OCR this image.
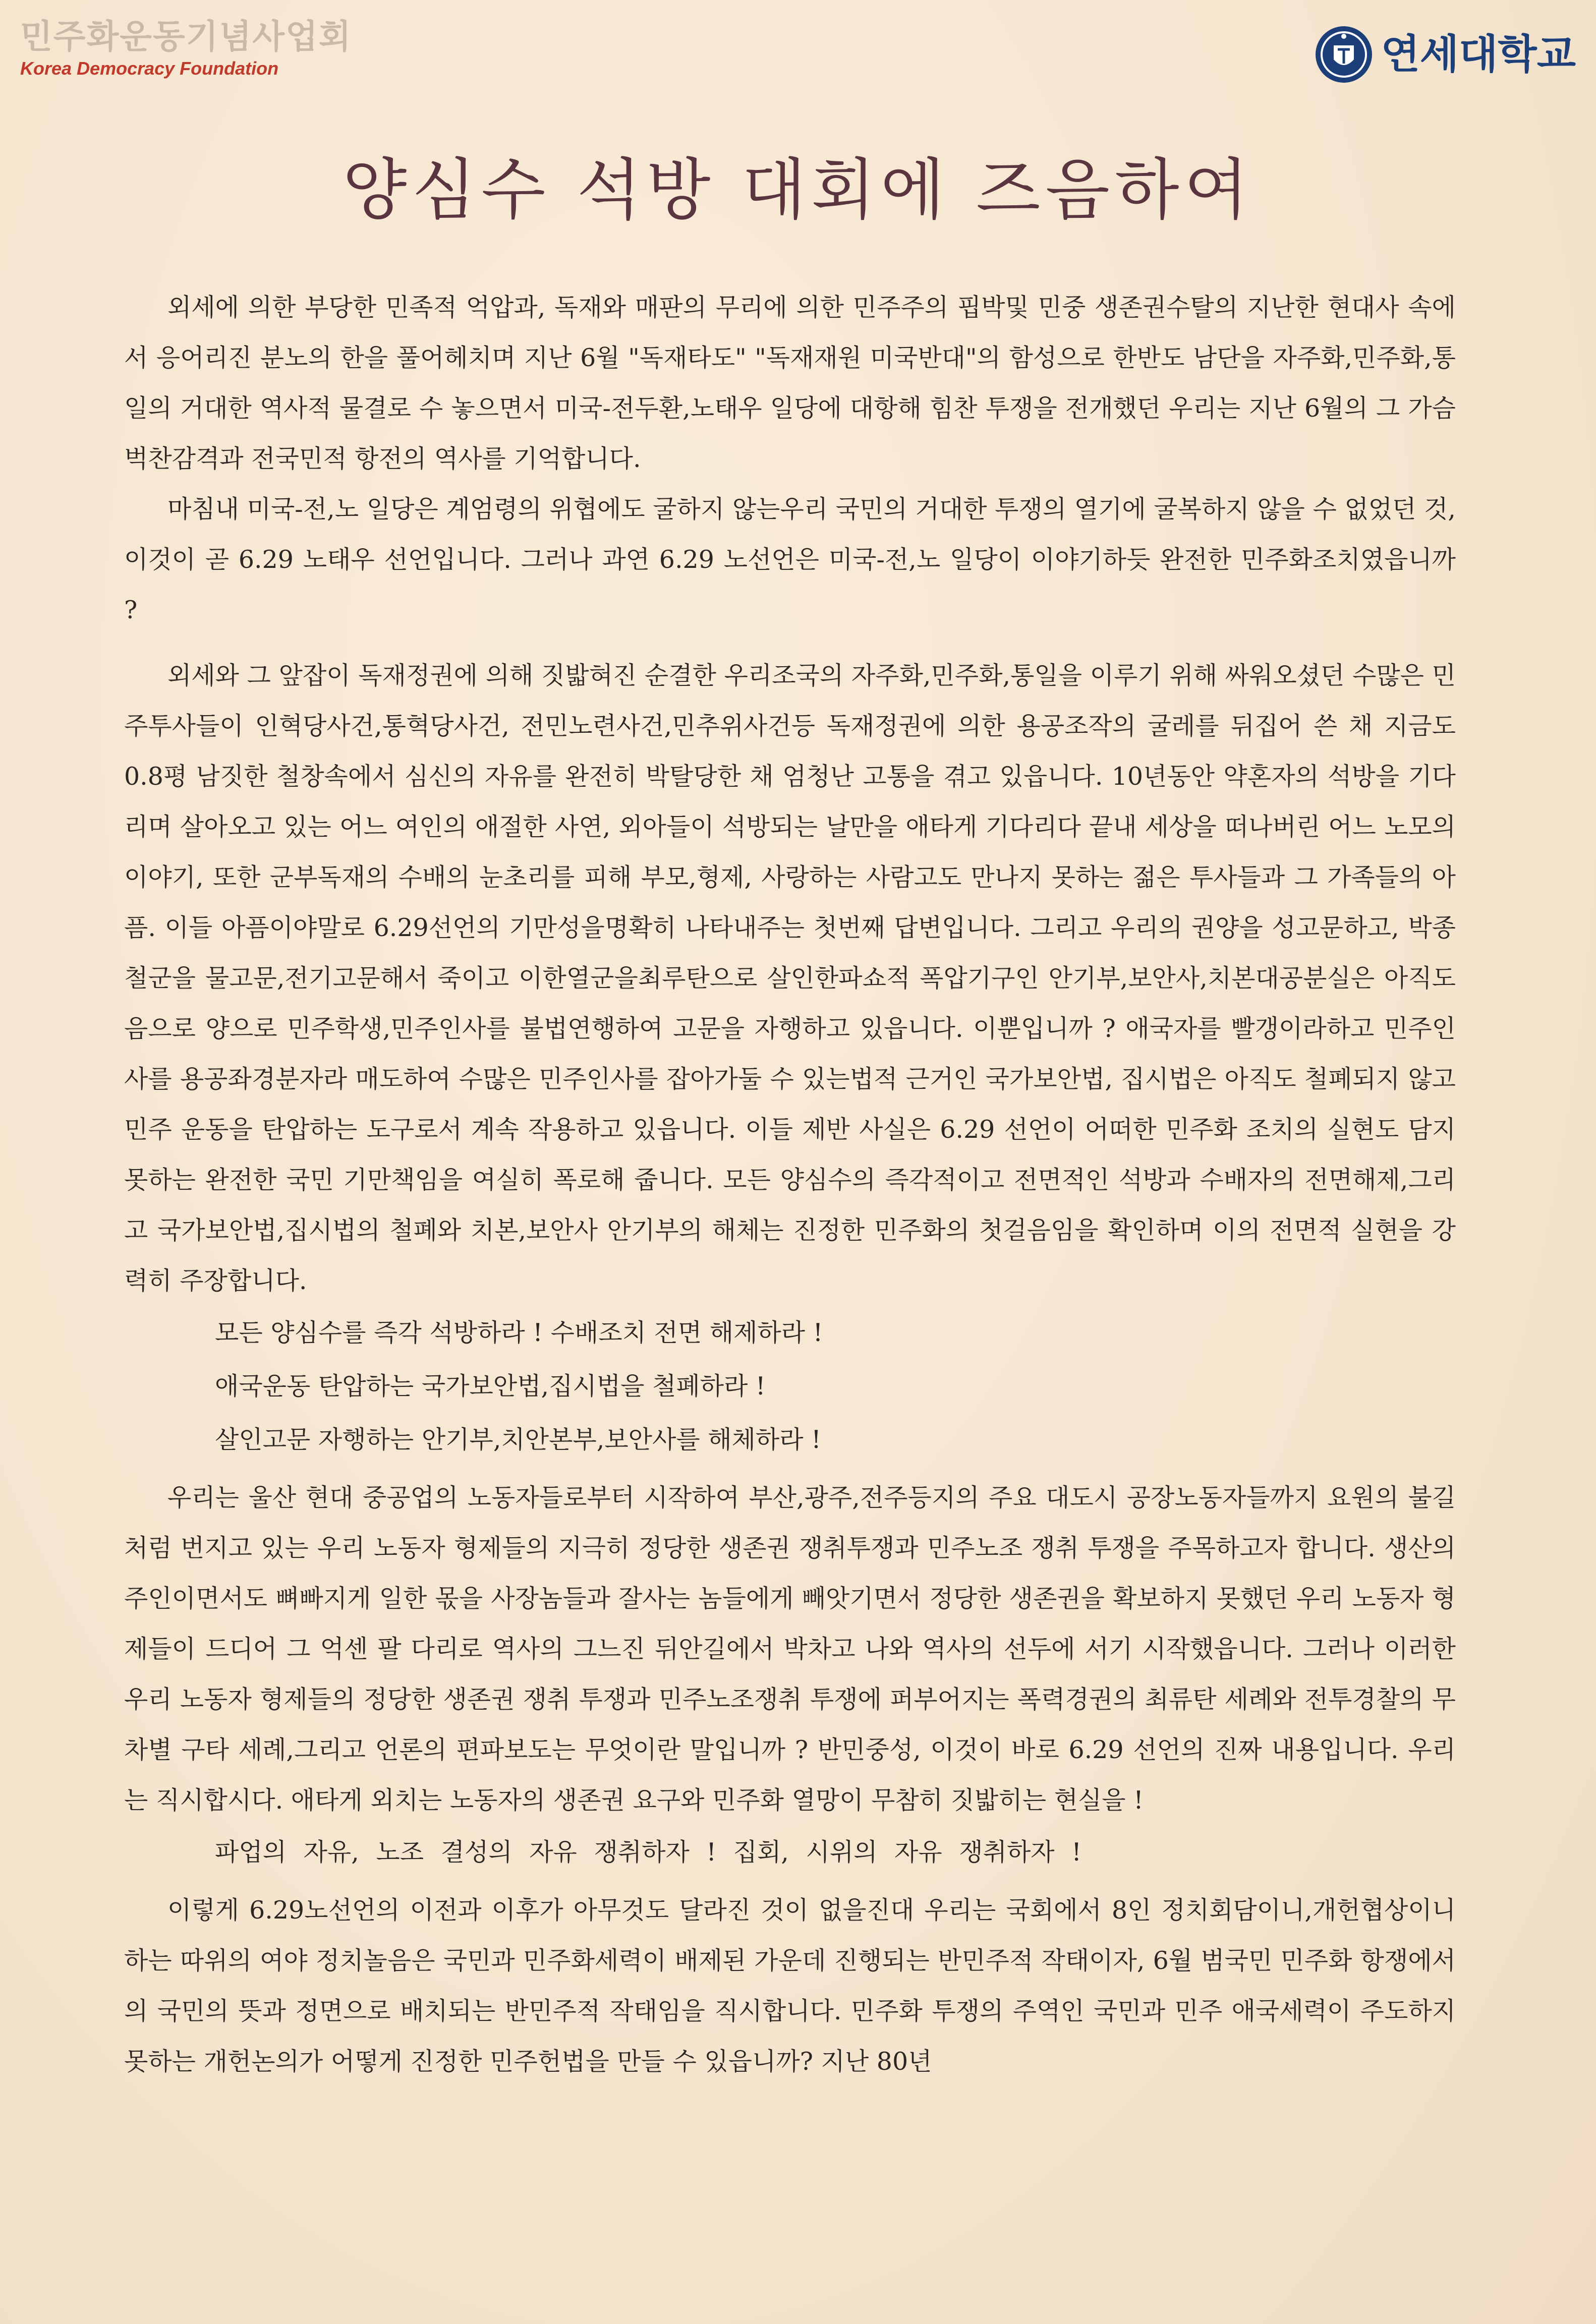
민주화운동기념사업회
Korea Democracy Foundation	연세대학교
양심수 석방 대회에 즈음하여

외세에 의한 부당한 민족적 억압과, 독재와 매판의 무리에 의한 민주주의 핍박및 민중 생존권수탈의 지난한 현대사 속에서 응어리진 분노의 한을 풀어헤치며 지난 6월 "독재타도" "독재재원 미국반대"의 함성으로 한반도 남단을 자주화,민주화,통일의 거대한 역사적 물결로 수 놓으면서 미국-전두환,노태우 일당에 대항해 힘찬 투쟁을 전개했던 우리는 지난 6월의 그 가슴벅찬감격과 전국민적 항전의 역사를 기억합니다.

마침내 미국-전,노 일당은 계엄령의 위협에도 굴하지 않는우리 국민의 거대한 투쟁의 열기에 굴복하지 않을 수 없었던 것, 이것이 곧 6.29 노태우 선언입니다. 그러나 과연 6.29 노선언은 미국-전,노 일당이 이야기하듯 완전한 민주화조치였읍니까 ?

외세와 그 앞잡이 독재정권에 의해 짓밟혀진 순결한 우리조국의 자주화,민주화,통일을 이루기 위해 싸워오셨던 수많은 민주투사들이 인혁당사건,통혁당사건, 전민노련사건,민추위사건등 독재정권에 의한 용공조작의 굴레를 뒤집어 쓴 채 지금도 0.8평 남짓한 철창속에서 심신의 자유를 완전히 박탈당한 채 엄청난 고통을 겪고 있읍니다. 10년동안 약혼자의 석방을 기다리며 살아오고 있는 어느 여인의 애절한 사연, 외아들이 석방되는 날만을 애타게 기다리다 끝내 세상을 떠나버린 어느 노모의 이야기, 또한 군부독재의 수배의 눈초리를 피해 부모,형제, 사랑하는 사람고도 만나지 못하는 젊은 투사들과 그 가족들의 아픔. 이들 아픔이야말로 6.29선언의 기만성을명확히 나타내주는 첫번째 답변입니다. 그리고 우리의 권양을 성고문하고, 박종철군을 물고문,전기고문해서 죽이고 이한열군을최루탄으로 살인한파쇼적 폭압기구인 안기부,보안사,치본대공분실은 아직도 음으로 양으로 민주학생,민주인사를 불법연행하여 고문을 자행하고 있읍니다. 이뿐입니까 ? 애국자를 빨갱이라하고 민주인사를 용공좌경분자라 매도하여 수많은 민주인사를 잡아가둘 수 있는법적 근거인 국가보안법, 집시법은 아직도 철폐되지 않고 민주 운동을 탄압하는 도구로서 계속 작용하고 있읍니다. 이들 제반 사실은 6.29 선언이 어떠한 민주화 조치의 실현도 담지 못하는 완전한 국민 기만책임을 여실히 폭로해 줍니다. 모든 양심수의 즉각적이고 전면적인 석방과 수배자의 전면해제,그리고 국가보안법,집시법의 철폐와 치본,보안사 안기부의 해체는 진정한 민주화의 첫걸음임을 확인하며 이의 전면적 실현을 강력히 주장합니다.

모든 양심수를 즉각 석방하라 ! 수배조치 전면 해제하라 !
애국운동 탄압하는 국가보안법,집시법을 철폐하라 !
살인고문 자행하는 안기부,치안본부,보안사를 해체하라 !

우리는 울산 현대 중공업의 노동자들로부터 시작하여 부산,광주,전주등지의 주요 대도시 공장노동자들까지 요원의 불길처럼 번지고 있는 우리 노동자 형제들의 지극히 정당한 생존권 쟁취투쟁과 민주노조 쟁취 투쟁을 주목하고자 합니다. 생산의 주인이면서도 뼈빠지게 일한 몫을 사장놈들과 잘사는 놈들에게 빼앗기면서 정당한 생존권을 확보하지 못했던 우리 노동자 형제들이 드디어 그 억센 팔 다리로 역사의 그느진 뒤안길에서 박차고 나와 역사의 선두에 서기 시작했읍니다. 그러나 이러한 우리 노동자 형제들의 정당한 생존권 쟁취 투쟁과 민주노조쟁취 투쟁에 퍼부어지는 폭력경권의 최류탄 세례와 전투경찰의 무차별 구타 세례,그리고 언론의 편파보도는 무엇이란 말입니까 ? 반민중성, 이것이 바로 6.29 선언의 진짜 내용입니다. 우리는 직시합시다. 애타게 외치는 노동자의 생존권 요구와 민주화 열망이 무참히 짓밟히는 현실을 !

파업의 자유, 노조 결성의 자유 쟁취하자 ! 집회, 시위의 자유 쟁취하자 !

이렇게 6.29노선언의 이전과 이후가 아무것도 달라진 것이 없을진대 우리는 국회에서 8인 정치회담이니,개헌협상이니 하는 따위의 여야 정치놀음은 국민과 민주화세력이 배제된 가운데 진행되는 반민주적 작태이자, 6월 범국민 민주화 항쟁에서의 국민의 뜻과 정면으로 배치되는 반민주적 작태임을 직시합니다. 민주화 투쟁의 주역인 국민과 민주 애국세력이 주도하지 못하는 개헌논의가 어떻게 진정한 민주헌법을 만들 수 있읍니까? 지난 80년
